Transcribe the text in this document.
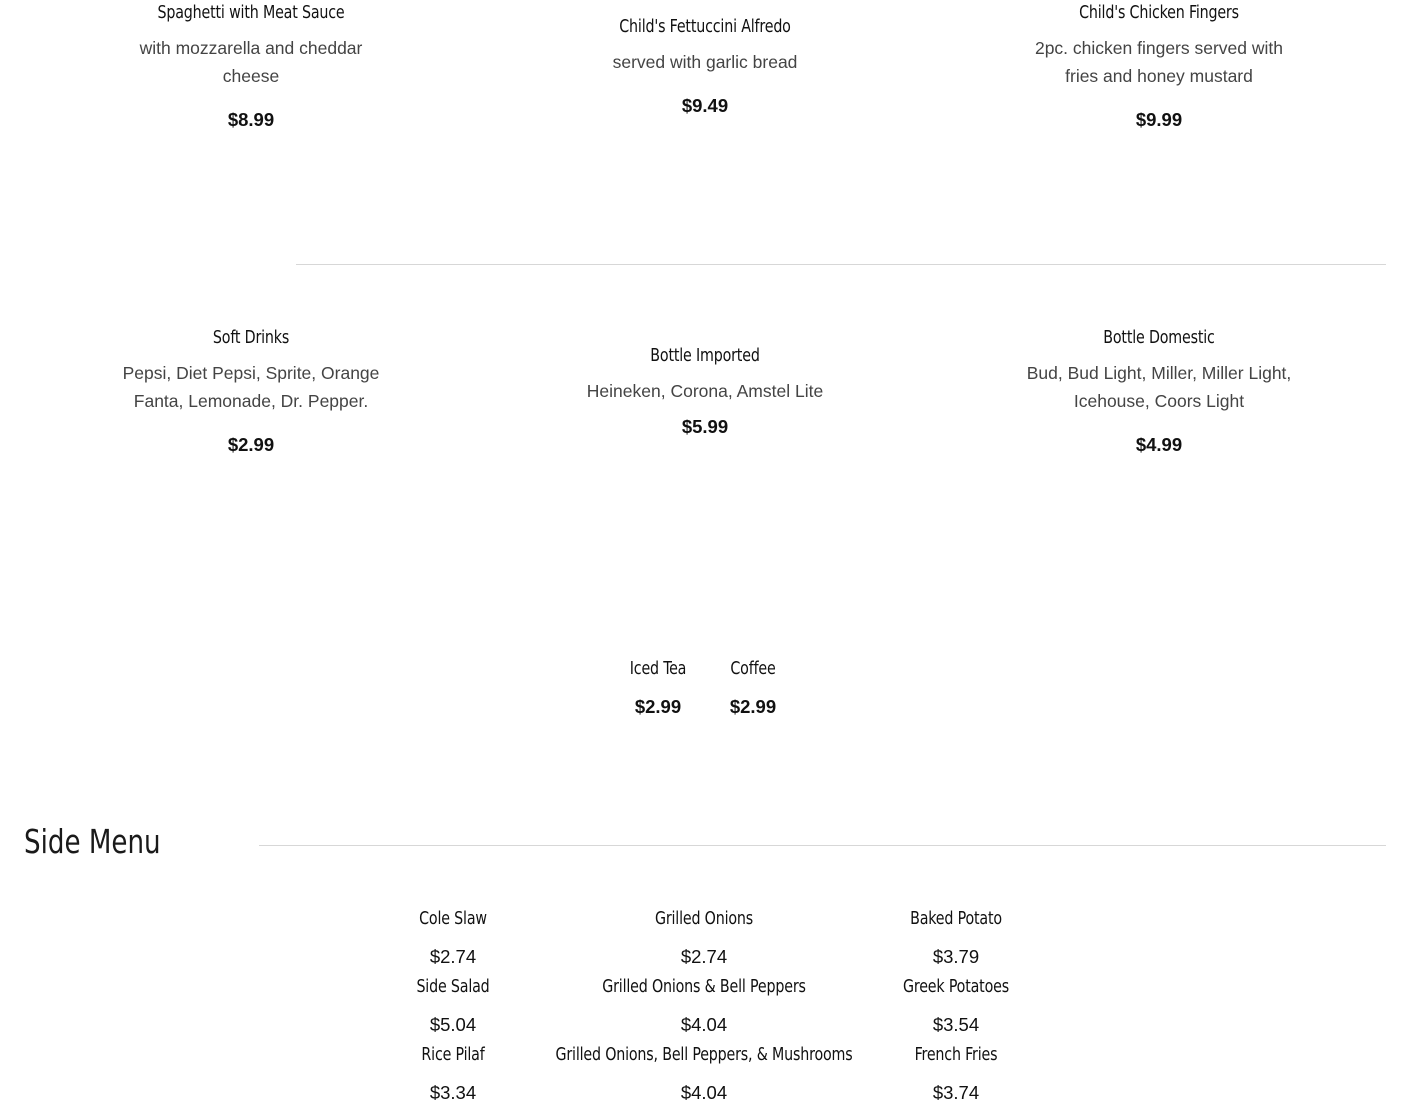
Spaghetti with Meat Sauce
with mozzarella and cheddar
cheese
$8.99
Child's Fettuccini Alfredo
served with garlic bread
$9.49
Child's Chicken Fingers
2pc. chicken fingers served with
fries and honey mustard
$9.99
Soft Drinks
Pepsi, Diet Pepsi, Sprite, Orange
Fanta, Lemonade, Dr. Pepper.
$2.99
Bottle Imported
Heineken, Corona, Amstel Lite
$5.99
Bottle Domestic
Bud, Bud Light, Miller, Miller Light,
Icehouse, Coors Light
$4.99
Iced Tea
$2.99
Coffee
$2.99
Side Menu
Cole Slaw
$2.74
Grilled Onions
$2.74
Baked Potato
$3.79
Side Salad
$5.04
Grilled Onions & Bell Peppers
$4.04
Greek Potatoes
$3.54
Rice Pilaf
$3.34
Grilled Onions, Bell Peppers, & Mushrooms
$4.04
French Fries
$3.74
